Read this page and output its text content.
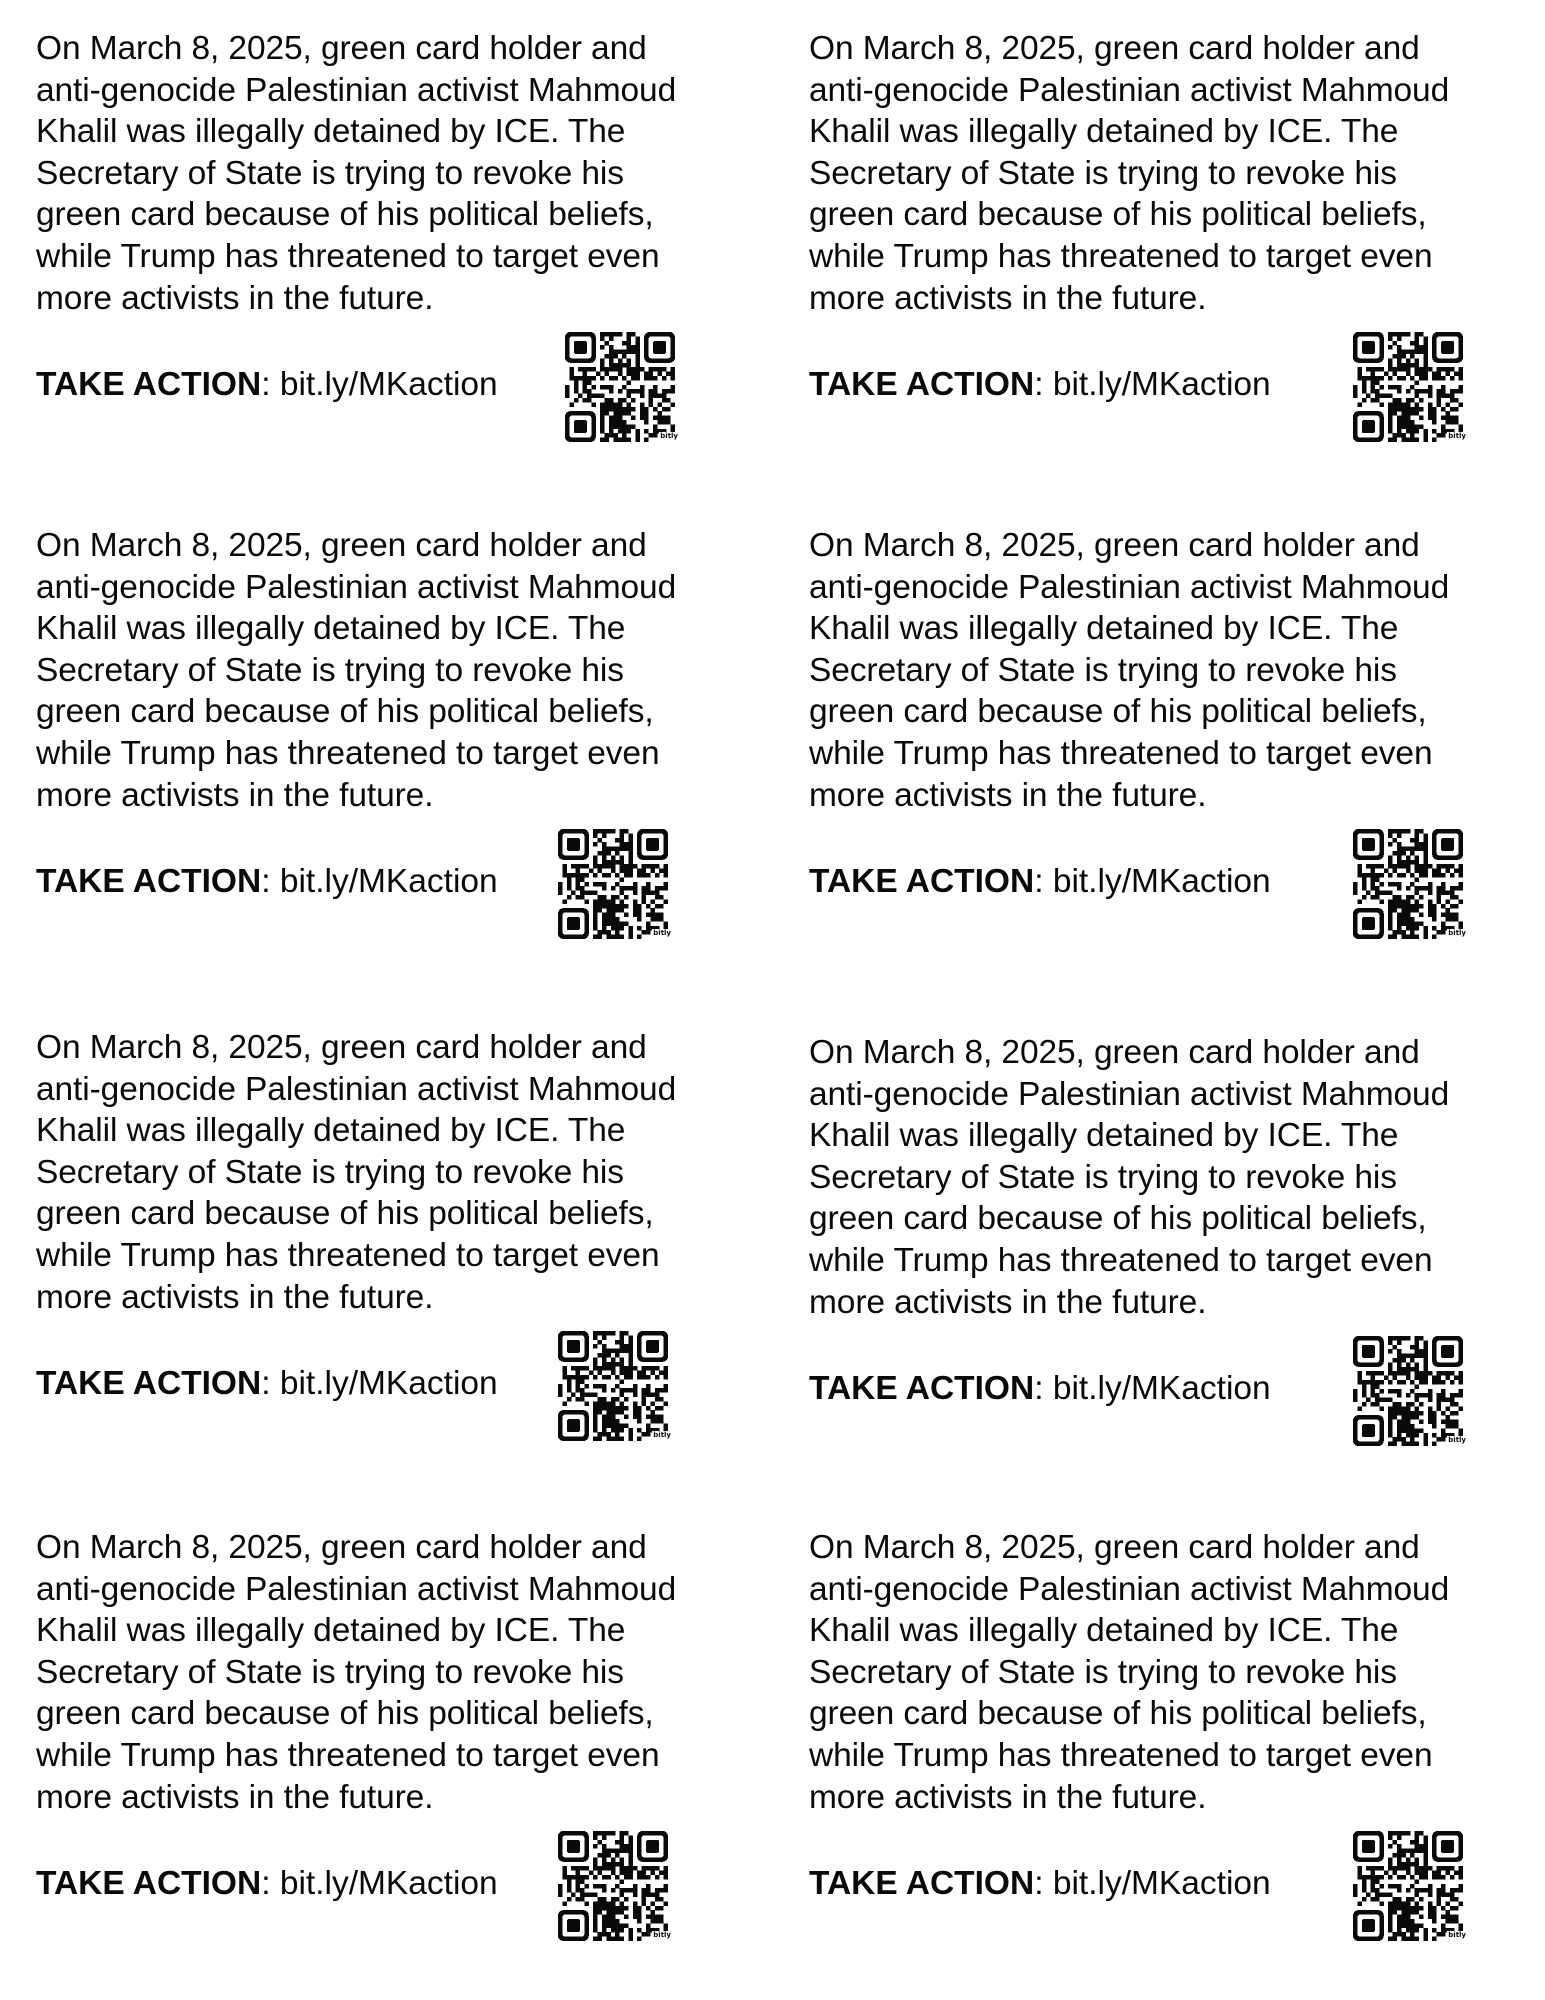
On March 8, 2025, green card holder and
anti-genocide Palestinian activist Mahmoud
Khalil was illegally detained by ICE. The
Secretary of State is trying to revoke his
green card because of his political beliefs,
while Trump has threatened to target even
more activists in the future.

TAKE ACTION: bit.ly/MKaction
bitly

On March 8, 2025, green card holder and
anti-genocide Palestinian activist Mahmoud
Khalil was illegally detained by ICE. The
Secretary of State is trying to revoke his
green card because of his political beliefs,
while Trump has threatened to target even
more activists in the future.

TAKE ACTION: bit.ly/MKaction
bitly

On March 8, 2025, green card holder and
anti-genocide Palestinian activist Mahmoud
Khalil was illegally detained by ICE. The
Secretary of State is trying to revoke his
green card because of his political beliefs,
while Trump has threatened to target even
more activists in the future.

TAKE ACTION: bit.ly/MKaction
bitly

On March 8, 2025, green card holder and
anti-genocide Palestinian activist Mahmoud
Khalil was illegally detained by ICE. The
Secretary of State is trying to revoke his
green card because of his political beliefs,
while Trump has threatened to target even
more activists in the future.

TAKE ACTION: bit.ly/MKaction
bitly

On March 8, 2025, green card holder and
anti-genocide Palestinian activist Mahmoud
Khalil was illegally detained by ICE. The
Secretary of State is trying to revoke his
green card because of his political beliefs,
while Trump has threatened to target even
more activists in the future.

TAKE ACTION: bit.ly/MKaction
bitly

On March 8, 2025, green card holder and
anti-genocide Palestinian activist Mahmoud
Khalil was illegally detained by ICE. The
Secretary of State is trying to revoke his
green card because of his political beliefs,
while Trump has threatened to target even
more activists in the future.

TAKE ACTION: bit.ly/MKaction
bitly

On March 8, 2025, green card holder and
anti-genocide Palestinian activist Mahmoud
Khalil was illegally detained by ICE. The
Secretary of State is trying to revoke his
green card because of his political beliefs,
while Trump has threatened to target even
more activists in the future.

TAKE ACTION: bit.ly/MKaction
bitly

On March 8, 2025, green card holder and
anti-genocide Palestinian activist Mahmoud
Khalil was illegally detained by ICE. The
Secretary of State is trying to revoke his
green card because of his political beliefs,
while Trump has threatened to target even
more activists in the future.

TAKE ACTION: bit.ly/MKaction
bitly
